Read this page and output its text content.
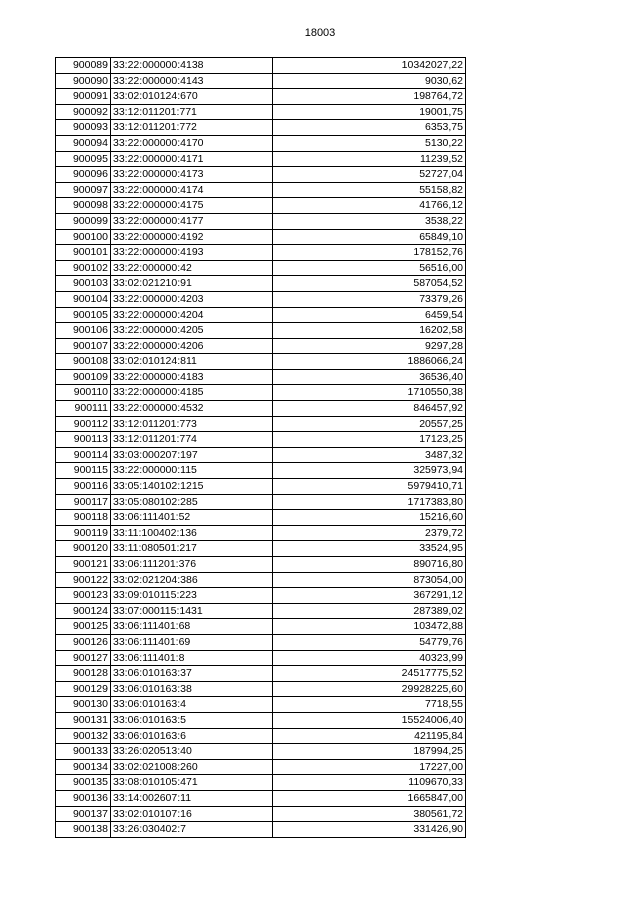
18003
900089	33:22:000000:4138	10342027,22
900090	33:22:000000:4143	9030,62
900091	33:02:010124:670	198764,72
900092	33:12:011201:771	19001,75
900093	33:12:011201:772	6353,75
900094	33:22:000000:4170	5130,22
900095	33:22:000000:4171	11239,52
900096	33:22:000000:4173	52727,04
900097	33:22:000000:4174	55158,82
900098	33:22:000000:4175	41766,12
900099	33:22:000000:4177	3538,22
900100	33:22:000000:4192	65849,10
900101	33:22:000000:4193	178152,76
900102	33:22:000000:42	56516,00
900103	33:02:021210:91	587054,52
900104	33:22:000000:4203	73379,26
900105	33:22:000000:4204	6459,54
900106	33:22:000000:4205	16202,58
900107	33:22:000000:4206	9297,28
900108	33:02:010124:811	1886066,24
900109	33:22:000000:4183	36536,40
900110	33:22:000000:4185	1710550,38
900111	33:22:000000:4532	846457,92
900112	33:12:011201:773	20557,25
900113	33:12:011201:774	17123,25
900114	33:03:000207:197	3487,32
900115	33:22:000000:115	325973,94
900116	33:05:140102:1215	5979410,71
900117	33:05:080102:285	1717383,80
900118	33:06:111401:52	15216,60
900119	33:11:100402:136	2379,72
900120	33:11:080501:217	33524,95
900121	33:06:111201:376	890716,80
900122	33:02:021204:386	873054,00
900123	33:09:010115:223	367291,12
900124	33:07:000115:1431	287389,02
900125	33:06:111401:68	103472,88
900126	33:06:111401:69	54779,76
900127	33:06:111401:8	40323,99
900128	33:06:010163:37	24517775,52
900129	33:06:010163:38	29928225,60
900130	33:06:010163:4	7718,55
900131	33:06:010163:5	15524006,40
900132	33:06:010163:6	421195,84
900133	33:26:020513:40	187994,25
900134	33:02:021008:260	17227,00
900135	33:08:010105:471	1109670,33
900136	33:14:002607:11	1665847,00
900137	33:02:010107:16	380561,72
900138	33:26:030402:7	331426,90
